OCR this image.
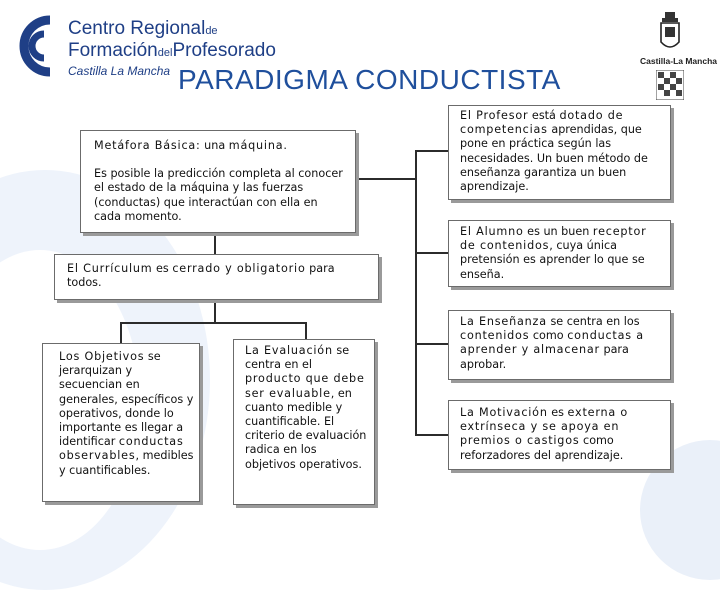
Centro Regionalde
FormacióndelProfesorado
Castilla La Mancha
Castilla-La Mancha
PARADIGMA CONDUCTISTA
Metáfora Básica: una máquina.
Es posible la predicción completa al conocer el estado de la máquina y las fuerzas (conductas) que interactúan con ella en cada momento.
El Currículum es cerrado y obligatorio para todos.
Los Objetivos se jerarquizan y secuencian en generales, específicos y operativos, donde lo importante es llegar a identificar conductas observables, medibles y cuantificables.
La Evaluación se centra en el producto que debe ser evaluable, en cuanto medible y cuantificable. El criterio de evaluación radica en los objetivos operativos.
El Profesor está dotado de competencias aprendidas, que pone en práctica según las necesidades. Un buen método de enseñanza garantiza un buen aprendizaje.
El Alumno es un buen receptor de contenidos, cuya única pretensión es aprender lo que se enseña.
La Enseñanza se centra en los contenidos como conductas a aprender y almacenar para aprobar.
La Motivación es externa o extrínseca y se apoya en premios o castigos como reforzadores del aprendizaje.
